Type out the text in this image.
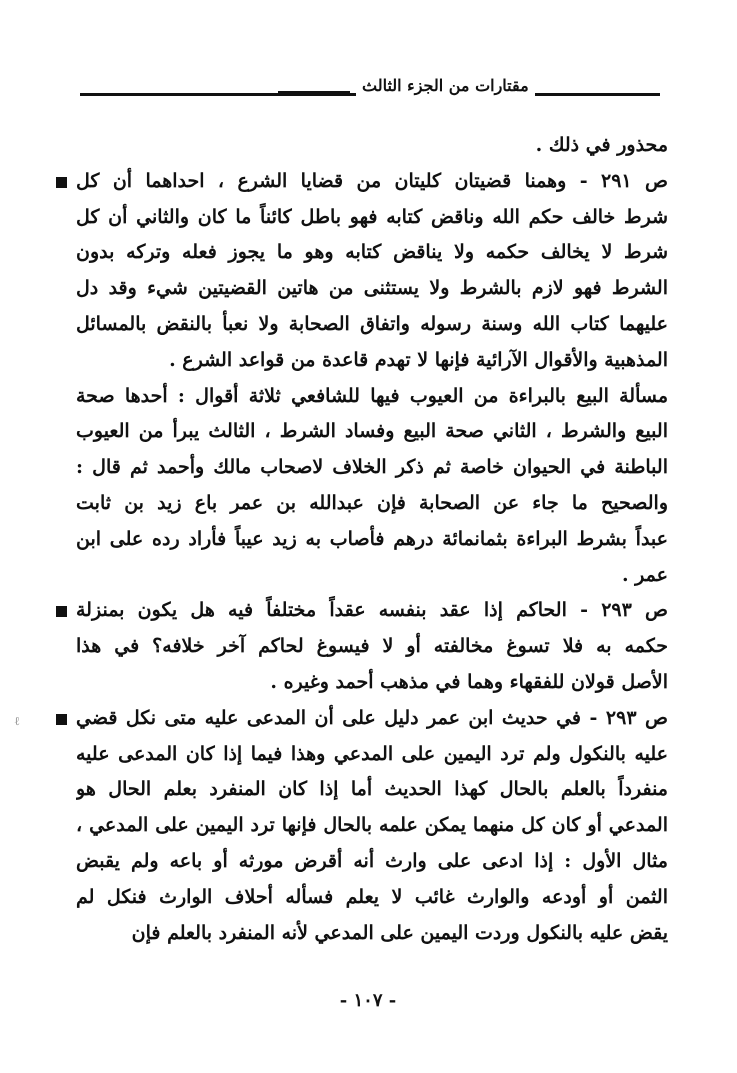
مقتارات من الجزء الثالث
محذور في ذلك .
ص ٢٩١ - وهمنا قضيتان كليتان من قضايا الشرع ، احداهما أن كل
شرط خالف حكم الله وناقض كتابه فهو باطل كائناً ما كان والثاني أن كل
شرط لا يخالف حكمه ولا يناقض كتابه وهو ما يجوز فعله وتركه بدون
الشرط فهو لازم بالشرط ولا يستثنى من هاتين القضيتين شيء وقد دل
عليهما كتاب الله وسنة رسوله واتفاق الصحابة ولا نعبأ بالنقض بالمسائل
المذهبية والأقوال الآرائية فإنها لا تهدم قاعدة من قواعد الشرع .
مسألة البيع بالبراءة من العيوب فيها للشافعي ثلاثة أقوال : أحدها صحة
البيع والشرط ، الثاني صحة البيع وفساد الشرط ، الثالث يبرأ من العيوب
الباطنة في الحيوان خاصة ثم ذكر الخلاف لاصحاب مالك وأحمد ثم قال :
والصحيح ما جاء عن الصحابة فإن عبدالله بن عمر باع زيد بن ثابت
عبداً بشرط البراءة بثمانمائة درهم فأصاب به زيد عيباً فأراد رده على ابن
عمر .
ص ٢٩٣ - الحاكم إذا عقد بنفسه عقداً مختلفاً فيه هل يكون بمنزلة
حكمه به فلا تسوغ مخالفته أو لا فيسوغ لحاكم آخر خلافه؟ في هذا
الأصل قولان للفقهاء وهما في مذهب أحمد وغيره .
ص ٢٩٣ - في حديث ابن عمر دليل على أن المدعى عليه متى نكل قضي
عليه بالنكول ولم ترد اليمين على المدعي وهذا فيما إذا كان المدعى عليه
منفرداً بالعلم بالحال كهذا الحديث أما إذا كان المنفرد بعلم الحال هو
المدعي أو كان كل منهما يمكن علمه بالحال فإنها ترد اليمين على المدعي ،
مثال الأول : إذا ادعى على وارث أنه أقرض مورثه أو باعه ولم يقبض
الثمن أو أودعه والوارث غائب لا يعلم فسأله أحلاف الوارث فنكل لم
يقض عليه بالنكول وردت اليمين على المدعي لأنه المنفرد بالعلم فإن
- ١٠٧ -
ℓ
